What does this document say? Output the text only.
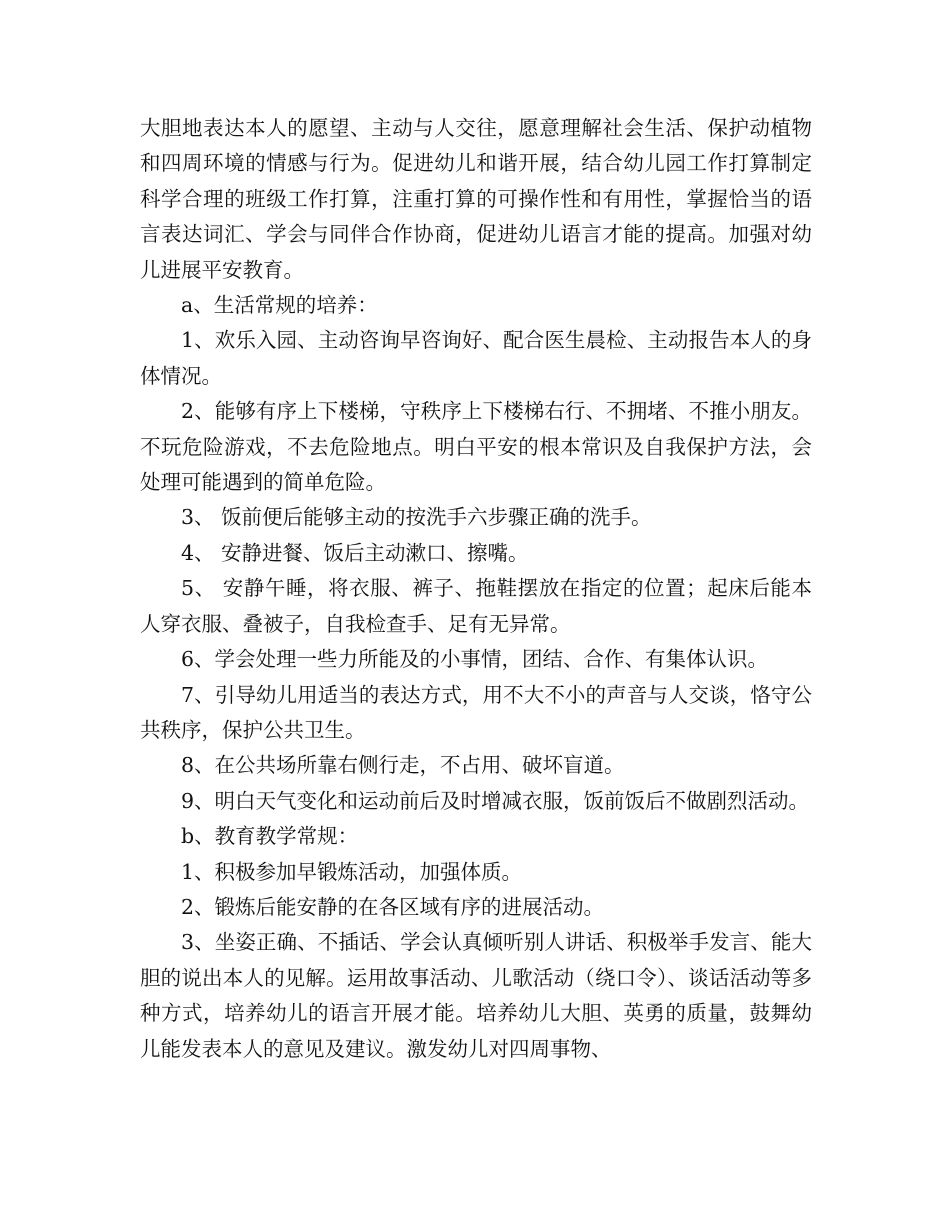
大胆地表达本人的愿望、主动与人交往，愿意理解社会生活、保护动植物和四周环境的情感与行为。促进幼儿和谐开展，结合幼儿园工作打算制定科学合理的班级工作打算，注重打算的可操作性和有用性，掌握恰当的语言表达词汇、学会与同伴合作协商，促进幼儿语言才能的提高。加强对幼儿进展平安教育。

a、生活常规的培养：

1、欢乐入园、主动咨询早咨询好、配合医生晨检、主动报告本人的身体情况。

2、能够有序上下楼梯，守秩序上下楼梯右行、不拥堵、不推小朋友。不玩危险游戏，不去危险地点。明白平安的根本常识及自我保护方法，会处理可能遇到的简单危险。

3、 饭前便后能够主动的按洗手六步骤正确的洗手。

4、 安静进餐、饭后主动漱口、擦嘴。

5、 安静午睡，将衣服、裤子、拖鞋摆放在指定的位置；起床后能本人穿衣服、叠被子，自我检查手、足有无异常。

6、学会处理一些力所能及的小事情，团结、合作、有集体认识。

7、引导幼儿用适当的表达方式，用不大不小的声音与人交谈，恪守公共秩序，保护公共卫生。

8、在公共场所靠右侧行走，不占用、破坏盲道。

9、明白天气变化和运动前后及时增减衣服，饭前饭后不做剧烈活动。

b、教育教学常规：

1、积极参加早锻炼活动，加强体质。

2、锻炼后能安静的在各区域有序的进展活动。

3、坐姿正确、不插话、学会认真倾听别人讲话、积极举手发言、能大胆的说出本人的见解。运用故事活动、儿歌活动（绕口令）、谈话活动等多种方式，培养幼儿的语言开展才能。培养幼儿大胆、英勇的质量，鼓舞幼儿能发表本人的意见及建议。激发幼儿对四周事物、
